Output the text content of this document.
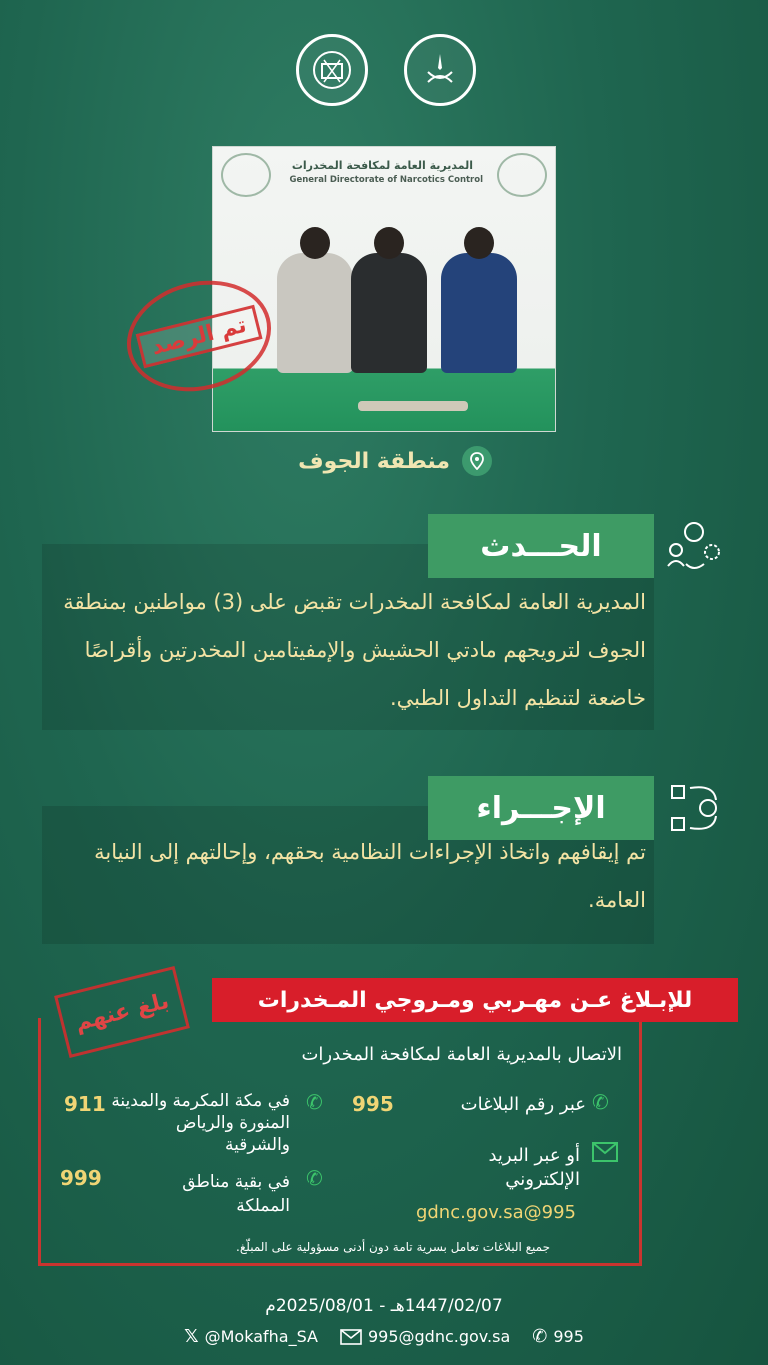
المديرية العامة لمكافحة المخدرات
General Directorate of Narcotics Control
تم الرصد
منطقة الجوف
المديرية العامة لمكافحة المخدرات تقبض على (3) مواطنين بمنطقة الجوف لترويجهم مادتي الحشيش والإمفيتامين المخدرتين وأقراصًا خاضعة لتنظيم التداول الطبي.
الحـــدث
تم إيقافهم واتخاذ الإجراءات النظامية بحقهم، وإحالتهم إلى النيابة العامة.
الإجـــراء
للإبـلاغ عـن مهـربي ومـروجي المـخدرات
بلغ عنهم
الاتصال بالمديرية العامة لمكافحة المخدرات
✆
عبر رقم البلاغات
995
✆
في مكة المكرمة والمدينة المنورة والرياض والشرقية
911
أو عبر البريد الإلكتروني
995@gdnc.gov.sa
✆
في بقية مناطق المملكة
999
جميع البلاغات تعامل بسرية تامة دون أدنى مسؤولية على المبلّغ.
1447/02/07هـ - 2025/08/01م
𝕏 @Mokafha_SA	995@gdnc.gov.sa ✆ 995
